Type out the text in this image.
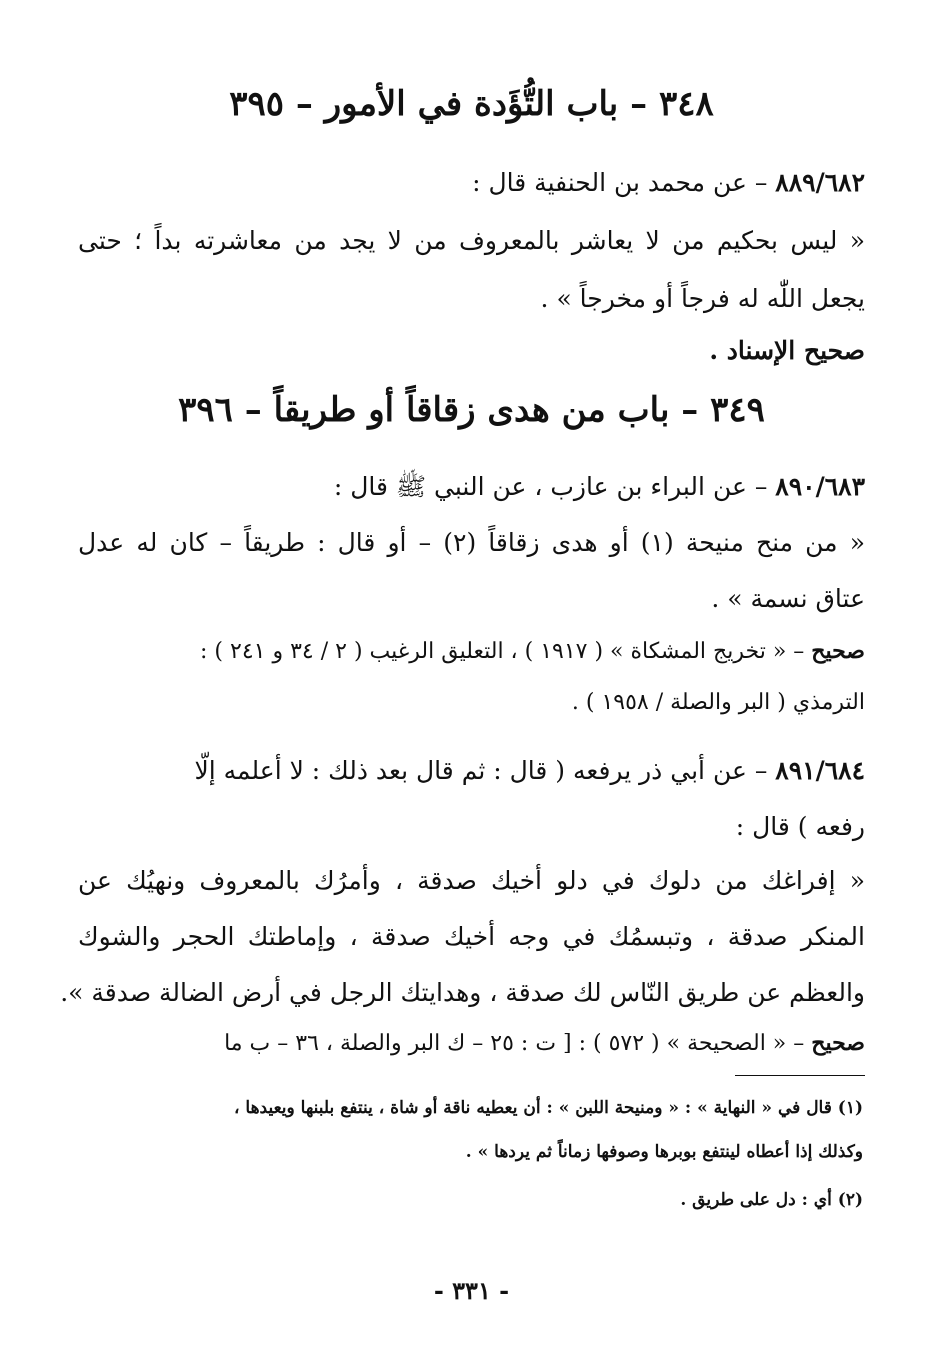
٣٤٨ – باب التُّؤَدة في الأمور – ٣٩٥
٨٨٩/٦٨٢ – عن محمد بن الحنفية قال :
« ليس بحكيم من لا يعاشر بالمعروف من لا يجد من معاشرته بداً ؛ حتى
يجعل اللّٰه له فرجاً أو مخرجاً » .
صحيح الإسناد .
٣٤٩ – باب من هدى زقاقاً أو طريقاً – ٣٩٦
٨٩٠/٦٨٣ – عن البراء بن عازب ، عن النبي ﷺ قال :
« من منح منيحة (١) أو هدى زقاقاً (٢) – أو قال : طريقاً – كان له عدل
عتاق نسمة » .
صحيح – « تخريج المشكاة » ( ١٩١٧ ) ، التعليق الرغيب ( ٢ / ٣٤ و ٢٤١ ) :
الترمذي ( البر والصلة / ١٩٥٨ ) .
٨٩١/٦٨٤ – عن أبي ذر يرفعه ( قال : ثم قال بعد ذلك : لا أعلمه إلّا
رفعه ) قال :
« إفراغك من دلوك في دلو أخيك صدقة ، وأمرُك بالمعروف ونهيُك عن
المنكر صدقة ، وتبسمُك في وجه أخيك صدقة ، وإماطتك الحجر والشوك
والعظم عن طريق النّاس لك صدقة ، وهدايتك الرجل في أرض الضالة صدقة ».
صحيح – « الصحيحة » ( ٥٧٢ ) : [ ت : ٢٥ – ك البر والصلة ، ٣٦ – ب ما
(١) قال في « النهاية » : « ومنيحة اللبن » : أن يعطيه ناقة أو شاة ، ينتفع بلبنها ويعيدها ،
وكذلك إذا أعطاه لينتفع بوبرها وصوفها زماناً ثم يردها » .
(٢) أي : دل على طريق .
- ٣٣١ -
